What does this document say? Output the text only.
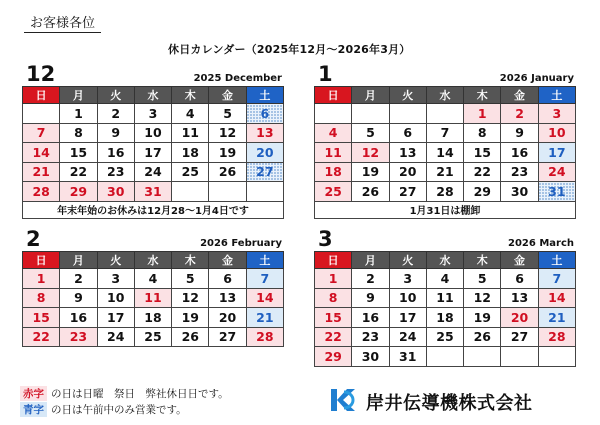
お客様各位
休日カレンダー（2025年12月～2026年3月）
12	2025 December
日	月	火	水	木	金	土
	1	2	3	4	5	6
7	8	9	10	11	12	13
14	15	16	17	18	19	20
21	22	23	24	25	26	27
28	29	30	31			
年末年始のお休みは12月28～1月4日です						
1	2026 January
日	月	火	水	木	金	土
				1	2	3
4	5	6	7	8	9	10
11	12	13	14	15	16	17
18	19	20	21	22	23	24
25	26	27	28	29	30	31
1月31日は棚卸						
2	2026 February
日	月	火	水	木	金	土
1	2	3	4	5	6	7
8	9	10	11	12	13	14
15	16	17	18	19	20	21
22	23	24	25	26	27	28
3	2026 March
日	月	火	水	木	金	土
1	2	3	4	5	6	7
8	9	10	11	12	13	14
15	16	17	18	19	20	21
22	23	24	25	26	27	28
29	30	31				
赤字 の日は日曜　祭日　弊社休日日です。
青字 の日は午前中のみ営業です。	岸井伝導機株式会社
